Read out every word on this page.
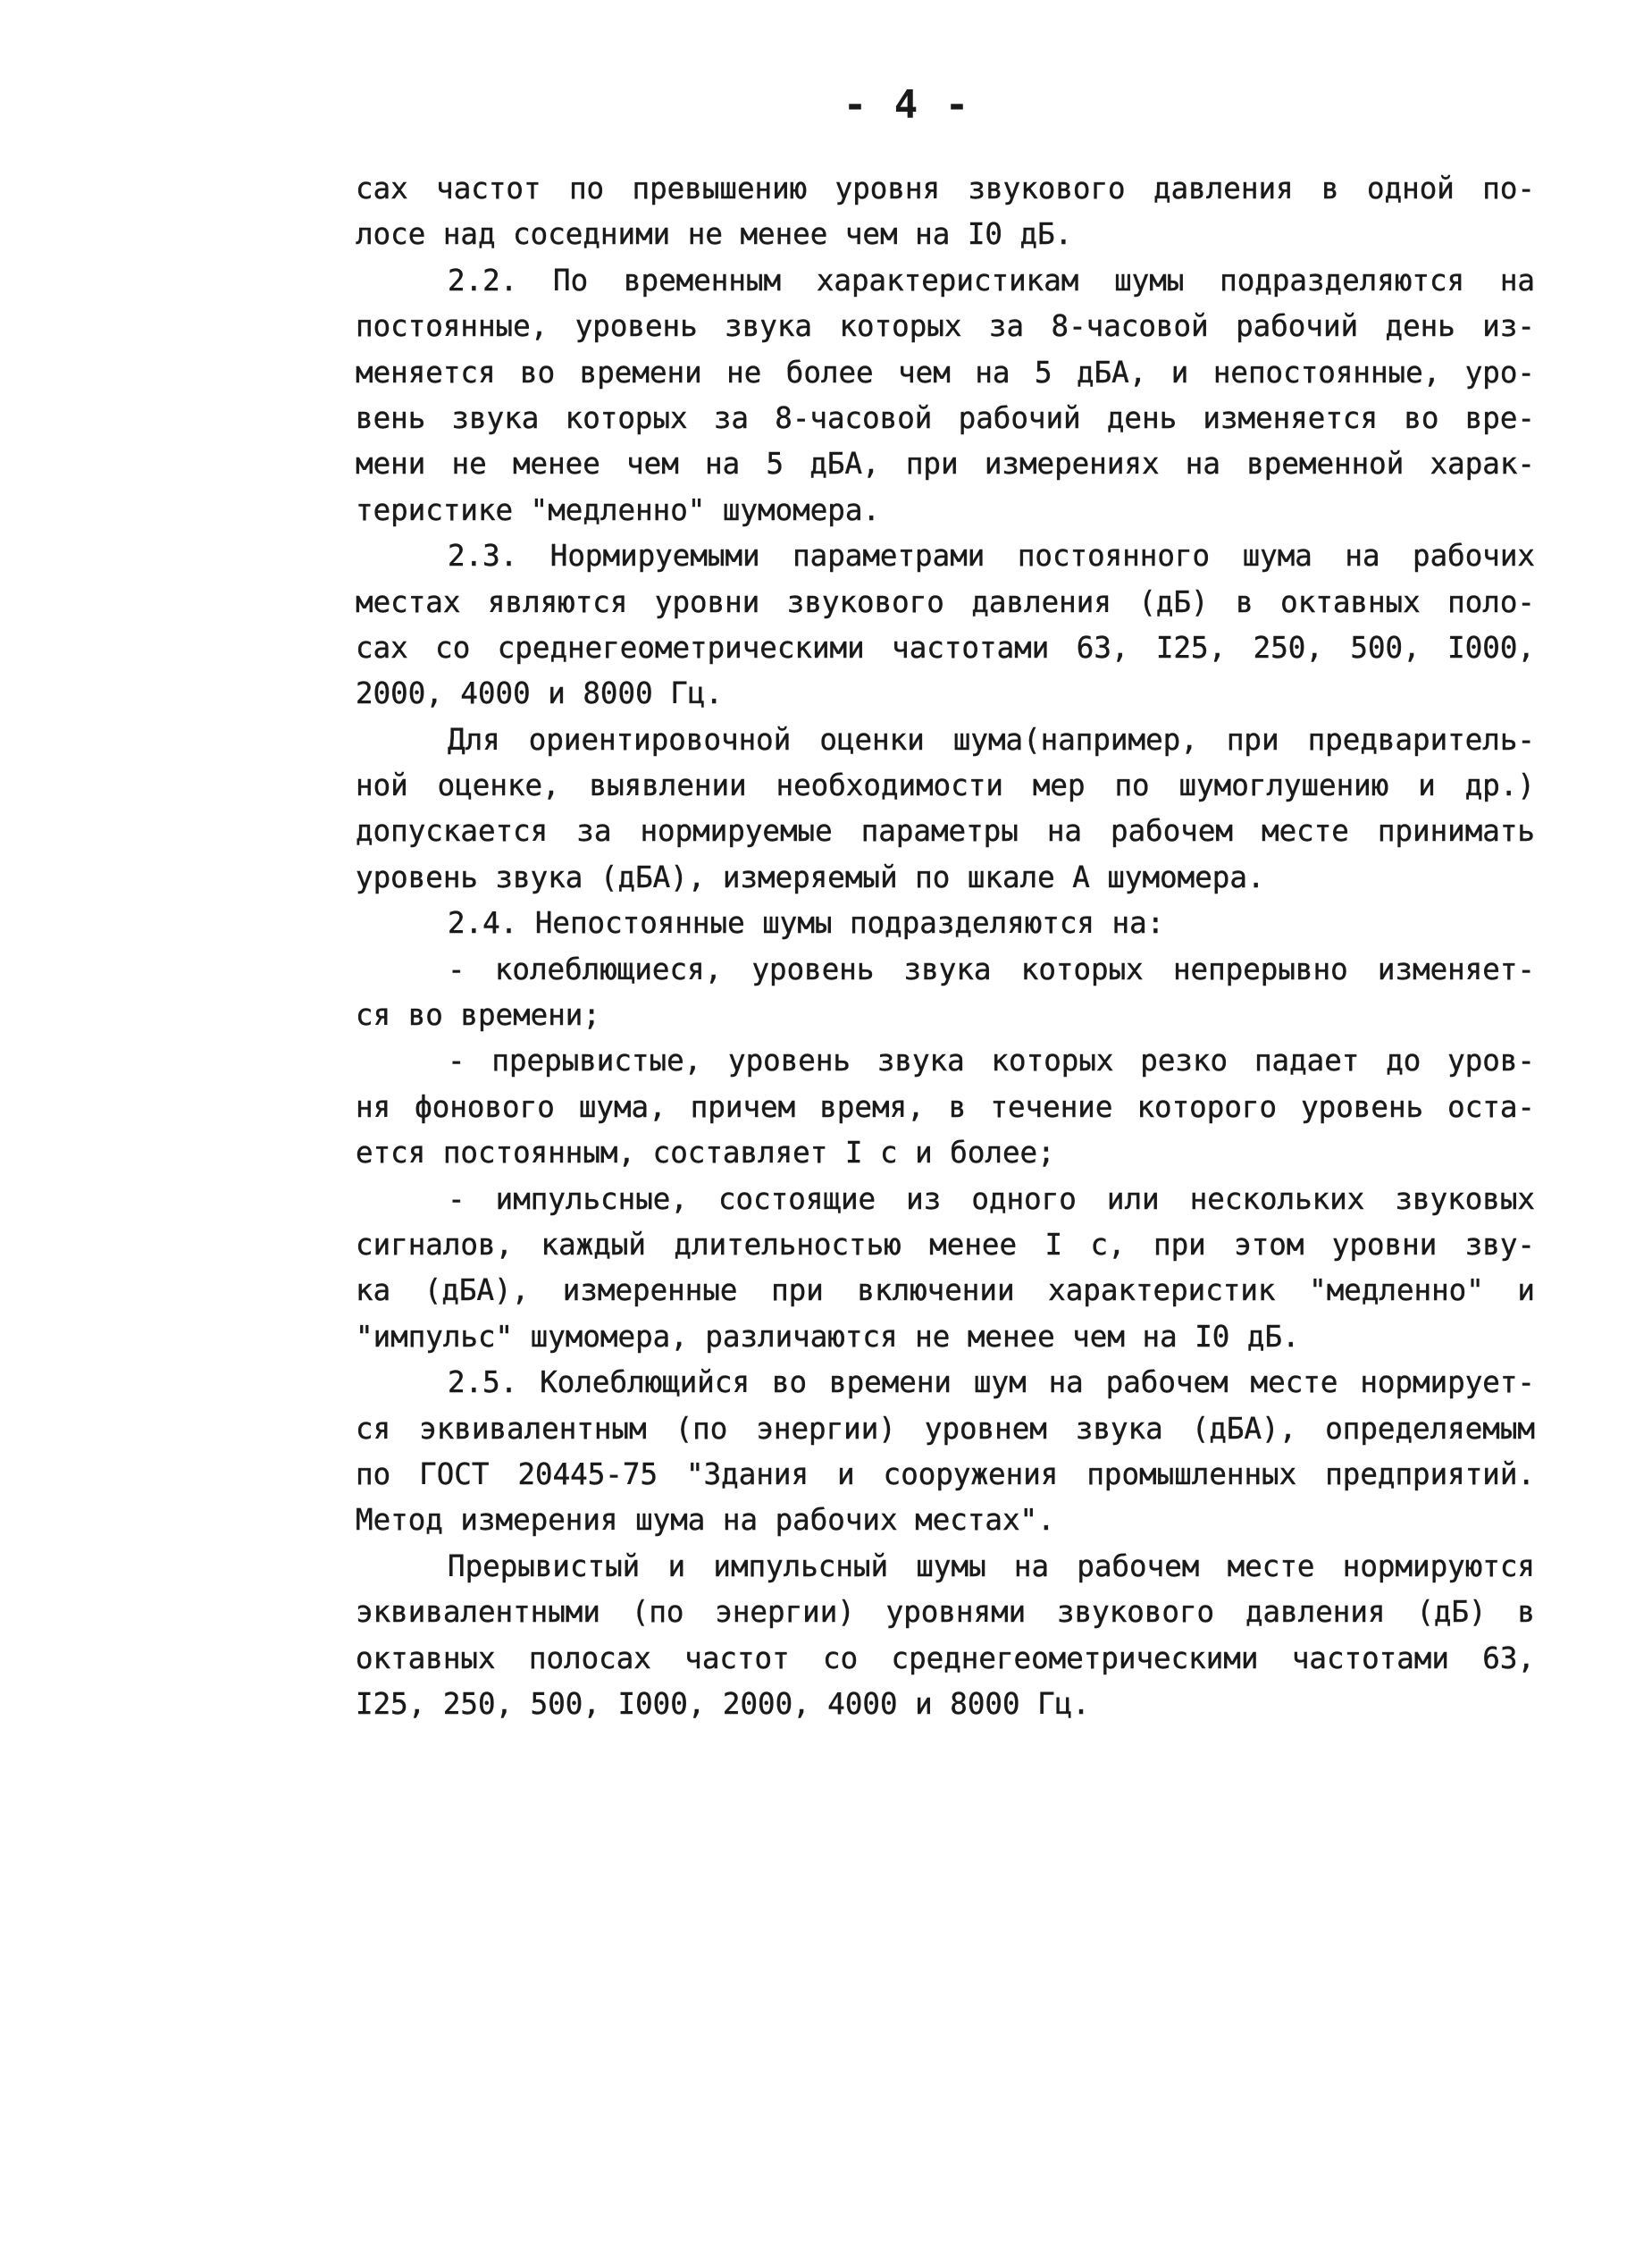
- 4 -
сах частот по превышению уровня звукового давления в одной по-
лосе над соседними не менее чем на I0 дБ.
2.2. По временным характеристикам шумы подразделяются на
постоянные, уровень звука которых за 8-часовой рабочий день из-
меняется во времени не более чем на 5 дБА, и непостоянные, уро-
вень звука которых за 8-часовой рабочий день изменяется во вре-
мени не менее чем на 5 дБА, при измерениях на временной харак-
теристике "медленно" шумомера.
2.3. Нормируемыми параметрами постоянного шума на рабочих
местах являются уровни звукового давления (дБ) в октавных поло-
сах со среднегеометрическими частотами 63, I25, 250, 500, I000,
2000, 4000 и 8000 Гц.
Для ориентировочной оценки шума(например, при предваритель-
ной оценке, выявлении необходимости мер по шумоглушению и др.)
допускается за нормируемые параметры на рабочем месте принимать
уровень звука (дБА), измеряемый по шкале А шумомера.
2.4. Непостоянные шумы подразделяются на:
- колеблющиеся, уровень звука которых непрерывно изменяет-
ся во времени;
- прерывистые, уровень звука которых резко падает до уров-
ня фонового шума, причем время, в течение которого уровень оста-
ется постоянным, составляет I с и более;
- импульсные, состоящие из одного или нескольких звуковых
сигналов, каждый длительностью менее I с, при этом уровни зву-
ка (дБА), измеренные при включении характеристик "медленно" и
"импульс" шумомера, различаются не менее чем на I0 дБ.
2.5. Колеблющийся во времени шум на рабочем месте нормирует-
ся эквивалентным (по энергии) уровнем звука (дБА), определяемым
по ГОСТ 20445-75 "Здания и сооружения промышленных предприятий.
Метод измерения шума на рабочих местах".
Прерывистый и импульсный шумы на рабочем месте нормируются
эквивалентными (по энергии) уровнями звукового давления (дБ) в
октавных полосах частот со среднегеометрическими частотами 63,
I25, 250, 500, I000, 2000, 4000 и 8000 Гц.
